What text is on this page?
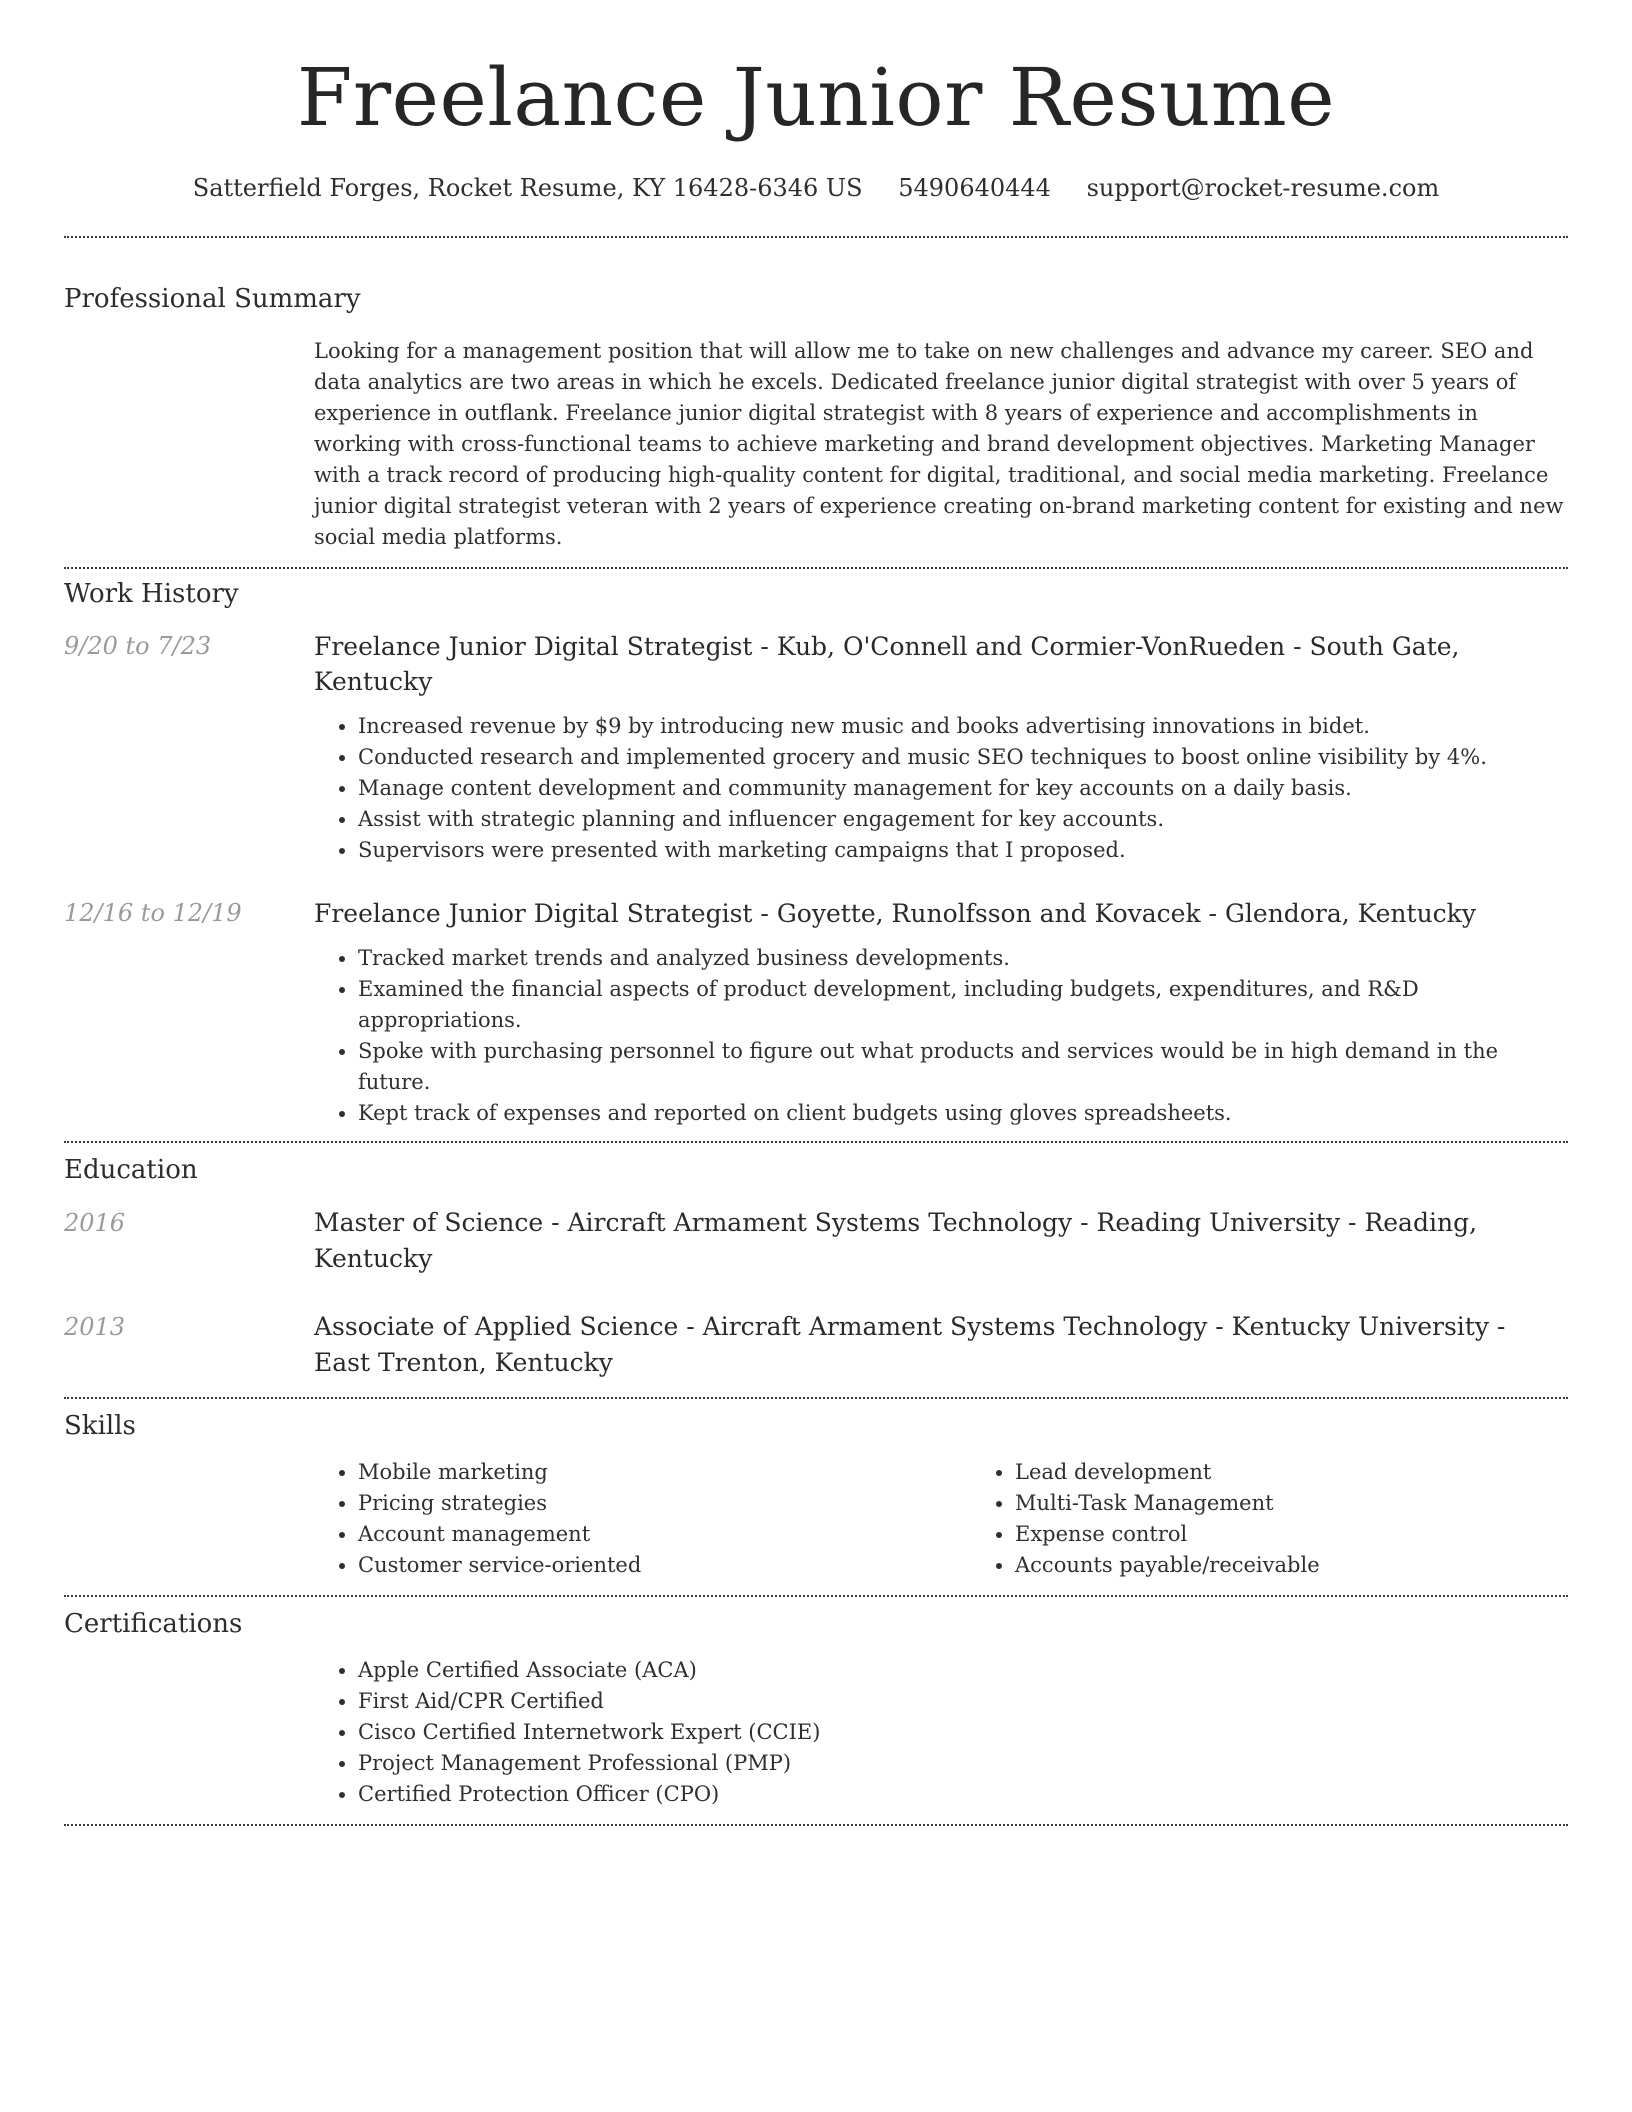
Freelance Junior Resume
Satterfield Forges, Rocket Resume, KY 16428-6346 US 5490640444 support@rocket-resume.com
Professional Summary

Looking for a management position that will allow me to take on new challenges and advance my career. SEO and data analytics are two areas in which he excels. Dedicated freelance junior digital strategist with over 5 years of experience in outflank. Freelance junior digital strategist with 8 years of experience and accomplishments in working with cross-functional teams to achieve marketing and brand development objectives. Marketing Manager with a track record of producing high-quality content for digital, traditional, and social media marketing. Freelance junior digital strategist veteran with 2 years of experience creating on-brand marketing content for existing and new social media platforms.

Work History
9/20 to 7/23	Freelance Junior Digital Strategist - Kub, O'Connell and Cormier-VonRueden - South Gate, Kentucky
• Increased revenue by $9 by introducing new music and books advertising innovations in bidet.
• Conducted research and implemented grocery and music SEO techniques to boost online visibility by 4%.
• Manage content development and community management for key accounts on a daily basis.
• Assist with strategic planning and influencer engagement for key accounts.
• Supervisors were presented with marketing campaigns that I proposed.
12/16 to 12/19	Freelance Junior Digital Strategist - Goyette, Runolfsson and Kovacek - Glendora, Kentucky
• Tracked market trends and analyzed business developments.
• Examined the financial aspects of product development, including budgets, expenditures, and R&D appropriations.
• Spoke with purchasing personnel to figure out what products and services would be in high demand in the future.
• Kept track of expenses and reported on client budgets using gloves spreadsheets.
Education
2016	Master of Science - Aircraft Armament Systems Technology - Reading University - Reading, Kentucky
2013	Associate of Applied Science - Aircraft Armament Systems Technology - Kentucky University - East Trenton, Kentucky
Skills
• Mobile marketing
• Pricing strategies
• Account management
• Customer service-oriented
• Lead development
• Multi-Task Management
• Expense control
• Accounts payable/receivable
Certifications
• Apple Certified Associate (ACA)
• First Aid/CPR Certified
• Cisco Certified Internetwork Expert (CCIE)
• Project Management Professional (PMP)
• Certified Protection Officer (CPO)
